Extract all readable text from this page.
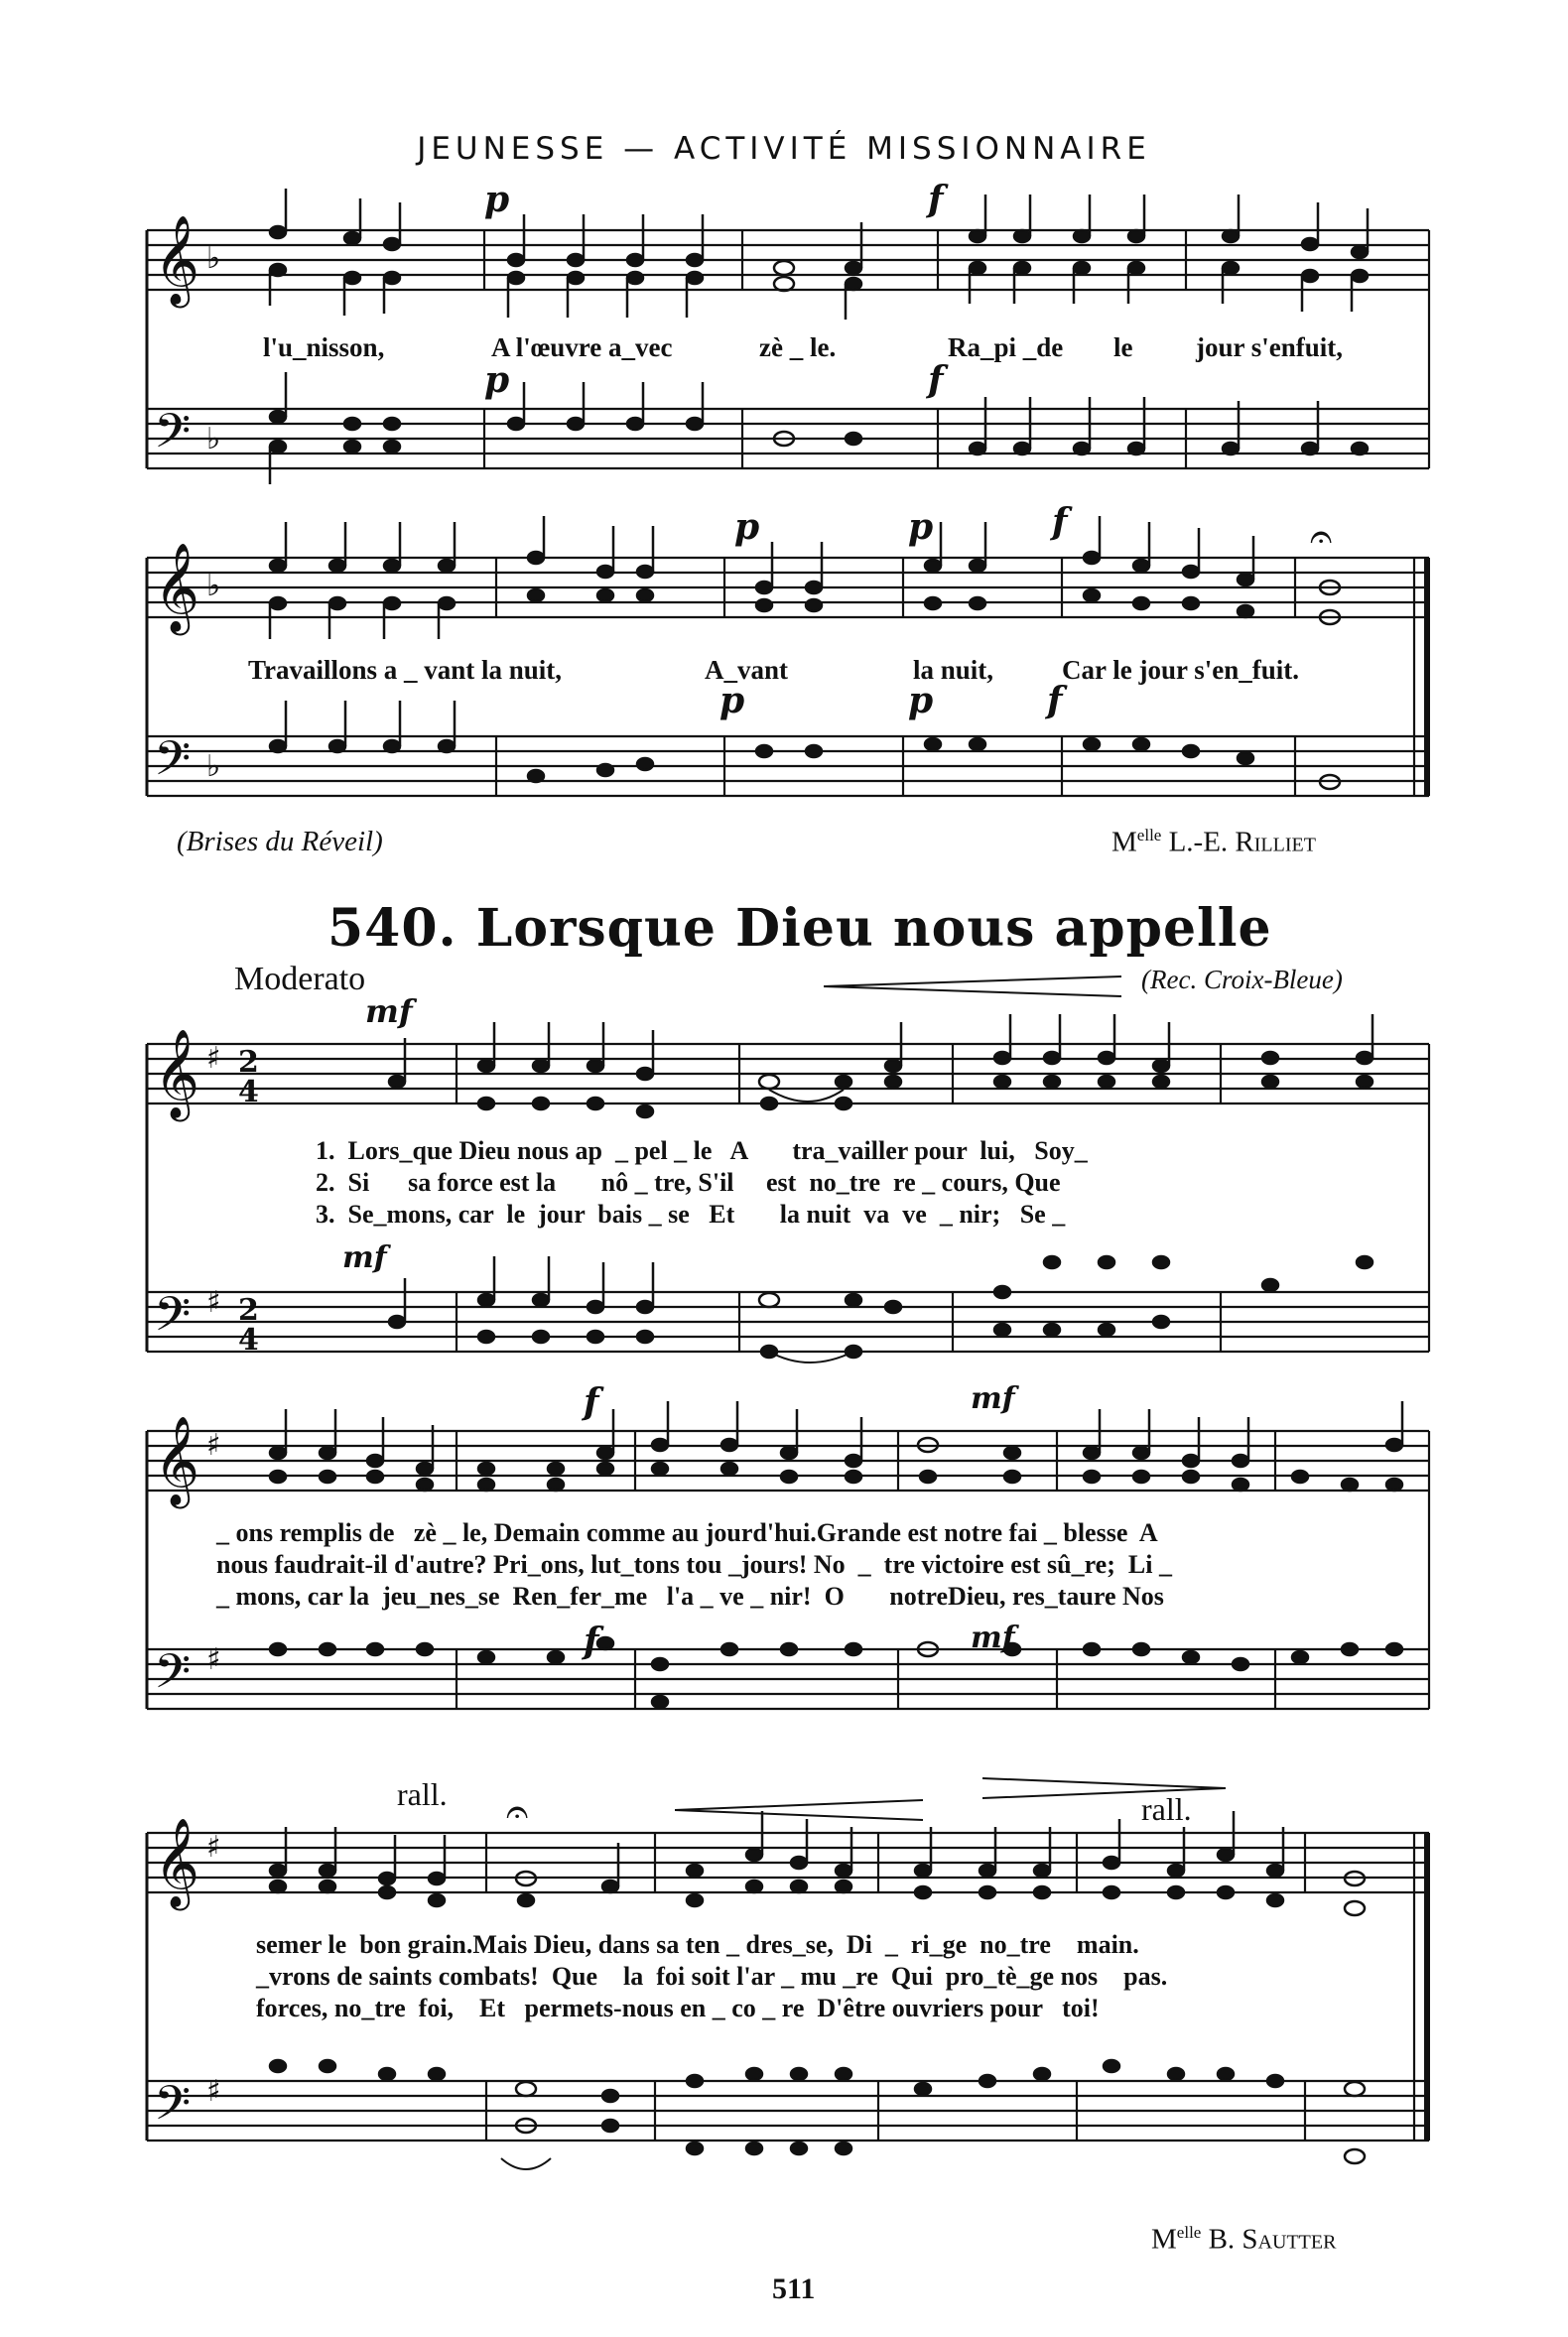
JEUNESSE — ACTIVITÉ MISSIONNAIRE
𝄞
𝄢
♭
♭
p	f
p	f
l'u_nisson,	A l'œuvre a_vec	zè _ le.	Ra_pi _de le jour s'enfuit,
𝄞
𝄢
♭
♭
𝄐
p	p	f
p	p	f
Travaillons a _ vant la nuit,	A_vant	la nuit,	Car le jour s'en_fuit.
(Brises du Réveil)	$M^{elle}$ L.-E. Rilliet
540. Lorsque Dieu nous appelle
Moderato	(Rec. Croix-Bleue)
mf
𝄞
𝄢
♯
♯
2
4
2
4
mf
1.  Lors_que Dieu nous ap  _ pel _ le   A       tra_vailler pour  lui,   Soy_
2.  Si      sa force est la       nô _ tre, S'il     est  no_tre  re _ cours, Que
3.  Se_mons, car  le  jour  bais _ se   Et       la nuit  va  ve  _ nir;   Se _
𝄞
𝄢
♯
♯
f	mf
f	mf
_ ons remplis de   zè _ le, Demain comme au jourd'hui.Grande est notre fai _ blesse  A
nous faudrait-il d'autre? Pri_ons, lut_tons tou _jours! No  _  tre victoire est sû_re;  Li _
_ mons, car la  jeu_nes_se  Ren_fer_me   l'a _ ve _ nir!  O       notreDieu, res_taure Nos
rall.	rall.
𝄞
𝄢
♯
♯
𝄐
semer le  bon grain.Mais Dieu, dans sa ten _ dres_se,  Di  _  ri_ge  no_tre    main.
_vrons de saints combats!  Que    la  foi soit l'ar _ mu _re  Qui  pro_tè_ge nos    pas.
forces, no_tre  foi,    Et   permets-nous en _ co _ re  D'être ouvriers pour   toi!
$M^{elle}$ B. Sautter
511
